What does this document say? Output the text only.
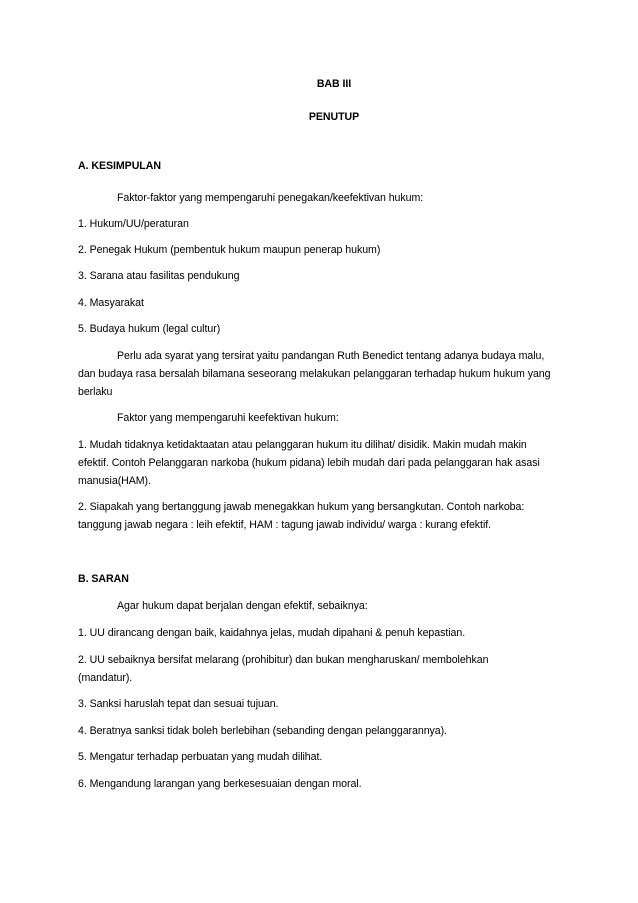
BAB III
PENUTUP
A. KESIMPULAN
Faktor-faktor yang mempengaruhi penegakan/keefektivan hukum:
1. Hukum/UU/peraturan
2. Penegak Hukum (pembentuk hukum maupun penerap hukum)
3. Sarana atau fasilitas pendukung
4. Masyarakat
5. Budaya hukum (legal cultur)
Perlu ada syarat yang tersirat yaitu pandangan Ruth Benedict tentang adanya budaya malu,
dan budaya rasa bersalah bilamana seseorang melakukan pelanggaran terhadap hukum hukum yang
berlaku
Faktor yang mempengaruhi keefektivan hukum:
1. Mudah tidaknya ketidaktaatan atau pelanggaran hukum itu dilihat/ disidik. Makin mudah makin
efektif. Contoh Pelanggaran narkoba (hukum pidana) lebih mudah dari pada pelanggaran hak asasi
manusia(HAM).
2. Siapakah yang bertanggung jawab menegakkan hukum yang bersangkutan. Contoh narkoba:
tanggung jawab negara : leih efektif, HAM : tagung jawab individu/ warga : kurang efektif.
B. SARAN
Agar hukum dapat berjalan dengan efektif, sebaiknya:
1. UU dirancang dengan baik, kaidahnya jelas, mudah dipahani & penuh kepastian.
2. UU sebaiknya bersifat melarang (prohibitur) dan bukan mengharuskan/ membolehkan
(mandatur).
3. Sanksi haruslah tepat dan sesuai tujuan.
4. Beratnya sanksi tidak boleh berlebihan (sebanding dengan pelanggarannya).
5. Mengatur terhadap perbuatan yang mudah dilihat.
6. Mengandung larangan yang berkesesuaian dengan moral.
